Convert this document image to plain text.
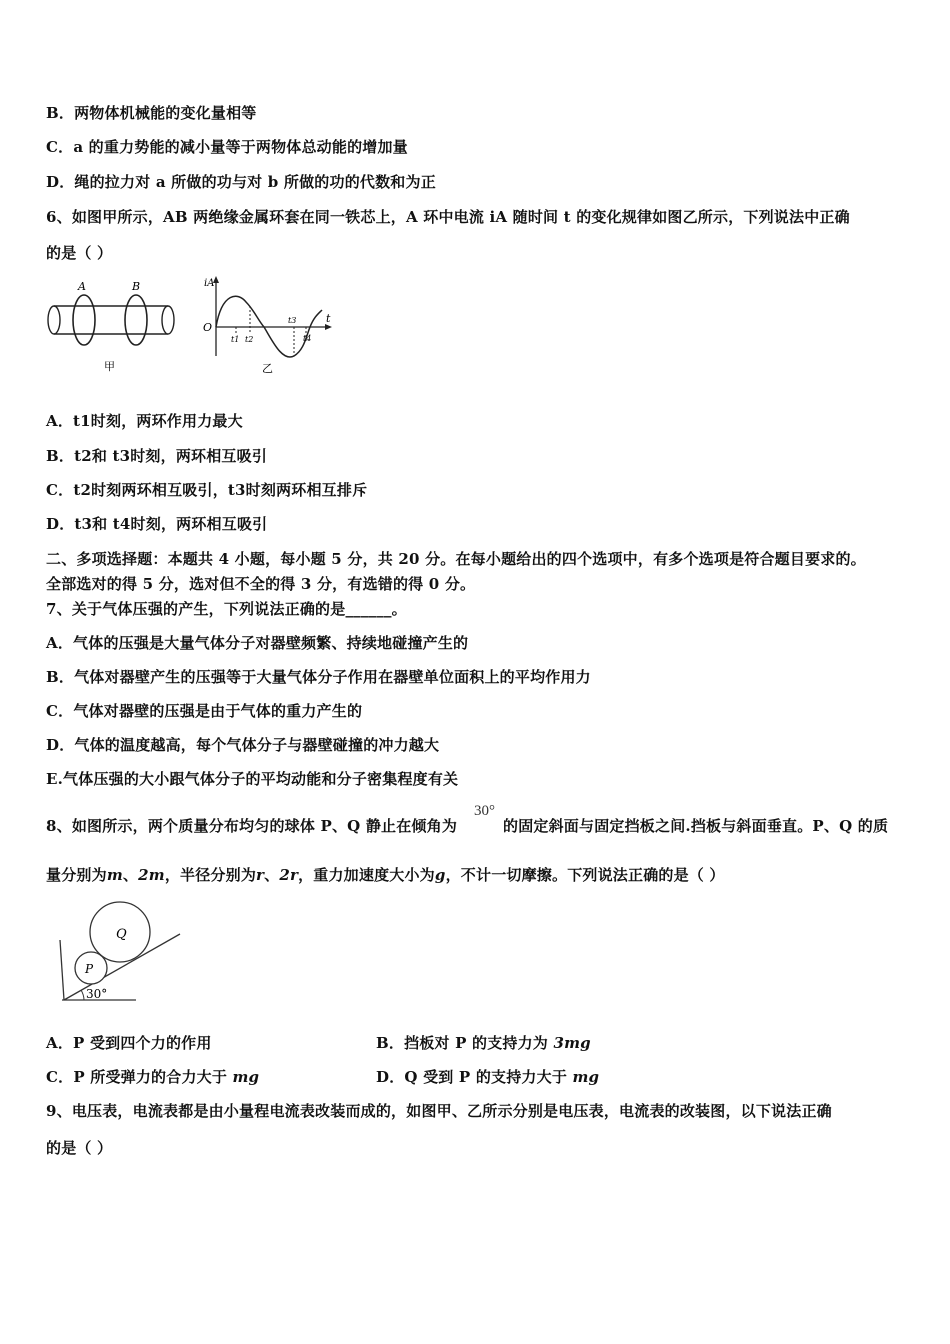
B．两物体机械能的变化量相等
C．a 的重力势能的减小量等于两物体总动能的增加量
D．绳的拉力对 a 所做的功与对 b 所做的功的代数和为正
6、如图甲所示，AB 两绝缘金属环套在同一铁芯上，A 环中电流 iA 随时间 t 的变化规律如图乙所示，下列说法中正确
的是（ ）
A	B
甲
iA
O
t
t1 t2
t3
t4
乙
A．t1时刻，两环作用力最大
B．t2和 t3时刻，两环相互吸引
C．t2时刻两环相互吸引，t3时刻两环相互排斥
D．t3和 t4时刻，两环相互吸引
二、多项选择题：本题共 4 小题，每小题 5 分，共 20 分。在每小题给出的四个选项中，有多个选项是符合题目要求的。
全部选对的得 5 分，选对但不全的得 3 分，有选错的得 0 分。
7、关于气体压强的产生，下列说法正确的是______。
A．气体的压强是大量气体分子对器壁频繁、持续地碰撞产生的
B．气体对器壁产生的压强等于大量气体分子作用在器壁单位面积上的平均作用力
C．气体对器壁的压强是由于气体的重力产生的
D．气体的温度越高，每个气体分子与器壁碰撞的冲力越大
E.气体压强的大小跟气体分子的平均动能和分子密集程度有关
8、如图所示，两个质量分布均匀的球体 P、Q 静止在倾角为
30°
的固定斜面与固定挡板之间.挡板与斜面垂直。P、Q 的质
量分别为m、2m，半径分别为r、2r，重力加速度大小为g，不计一切摩擦。下列说法正确的是（ ）
Q
P
30°
A．P 受到四个力的作用	B．挡板对 P 的支持力为 3mg
C．P 所受弹力的合力大于 mg	D．Q 受到 P 的支持力大于 mg
9、电压表，电流表都是由小量程电流表改装而成的，如图甲、乙所示分别是电压表，电流表的改装图，以下说法正确
的是（ ）
